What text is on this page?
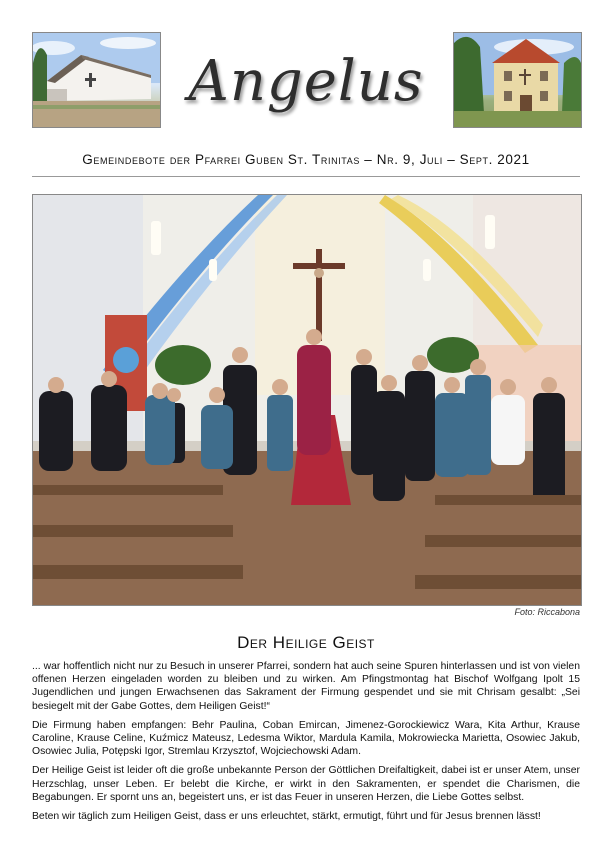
Angelus
Gemeindebote der Pfarrei Guben St. Trinitas – Nr. 9, Juli – Sept. 2021
Foto: Riccabona
Der Heilige Geist

... war hoffentlich nicht nur zu Besuch in unserer Pfarrei, sondern hat auch seine Spuren hinterlassen und ist von vielen offenen Herzen eingeladen worden zu bleiben und zu wirken. Am Pfingstmontag hat Bischof Wolfgang Ipolt 15 Jugendlichen und jungen Erwachsenen das Sakrament der Firmung gespendet und sie mit Chrisam gesalbt: „Sei besiegelt mit der Gabe Gottes, dem Heiligen Geist!“

Die Firmung haben empfangen: Behr Paulina, Coban Emircan, Jimenez-Gorockiewicz Wara, Kita Arthur, Krause Caroline, Krause Celine, Kuźmicz Mateusz, Ledesma Wiktor, Mardula Kamila, Mokrowiecka Marietta, Osowiec Jakub, Osowiec Julia, Potępski Igor, Stremlau Krzysztof, Wojciechowski Adam.

Der Heilige Geist ist leider oft die große unbekannte Person der Göttlichen Dreifaltigkeit, dabei ist er unser Atem, unser Herzschlag, unser Leben. Er belebt die Kirche, er wirkt in den Sakramenten, er spendet die Charismen, die Begabungen. Er spornt uns an, begeistert uns, er ist das Feuer in unseren Herzen, die Liebe Gottes selbst.

Beten wir täglich zum Heiligen Geist, dass er uns erleuchtet, stärkt, ermutigt, führt und für Jesus brennen lässt!
